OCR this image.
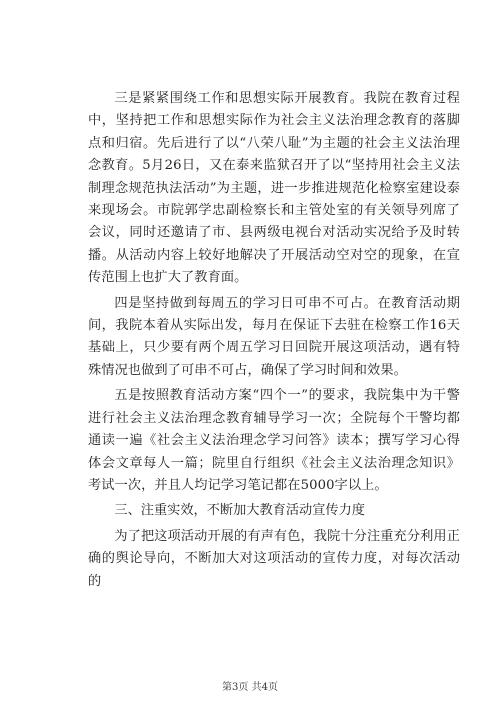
三是紧紧围绕工作和思想实际开展教育。我院在教育过程中，坚持把工作和思想实际作为社会主义法治理念教育的落脚点和归宿。先后进行了以“八荣八耻”为主题的社会主义法治理念教育。5月26日，又在泰来监狱召开了以“坚持用社会主义法制理念规范执法活动”为主题，进一步推进规范化检察室建设泰来现场会。市院郭学忠副检察长和主管处室的有关领导列席了会议，同时还邀请了市、县两级电视台对活动实况给予及时转播。从活动内容上较好地解决了开展活动空对空的现象，在宣传范围上也扩大了教育面。

四是坚持做到每周五的学习日可串不可占。在教育活动期间，我院本着从实际出发，每月在保证下去驻在检察工作16天基础上，只少要有两个周五学习日回院开展这项活动，遇有特殊情况也做到了可串不可占，确保了学习时间和效果。

五是按照教育活动方案“四个一”的要求，我院集中为干警进行社会主义法治理念教育辅导学习一次；全院每个干警均都通读一遍《社会主义法治理念学习问答》读本；撰写学习心得体会文章每人一篇；院里自行组织《社会主义法治理念知识》考试一次，并且人均记学习笔记都在5000字以上。

三、注重实效，不断加大教育活动宣传力度

为了把这项活动开展的有声有色，我院十分注重充分利用正确的舆论导向，不断加大对这项活动的宣传力度，对每次活动的

第3页 共4页
